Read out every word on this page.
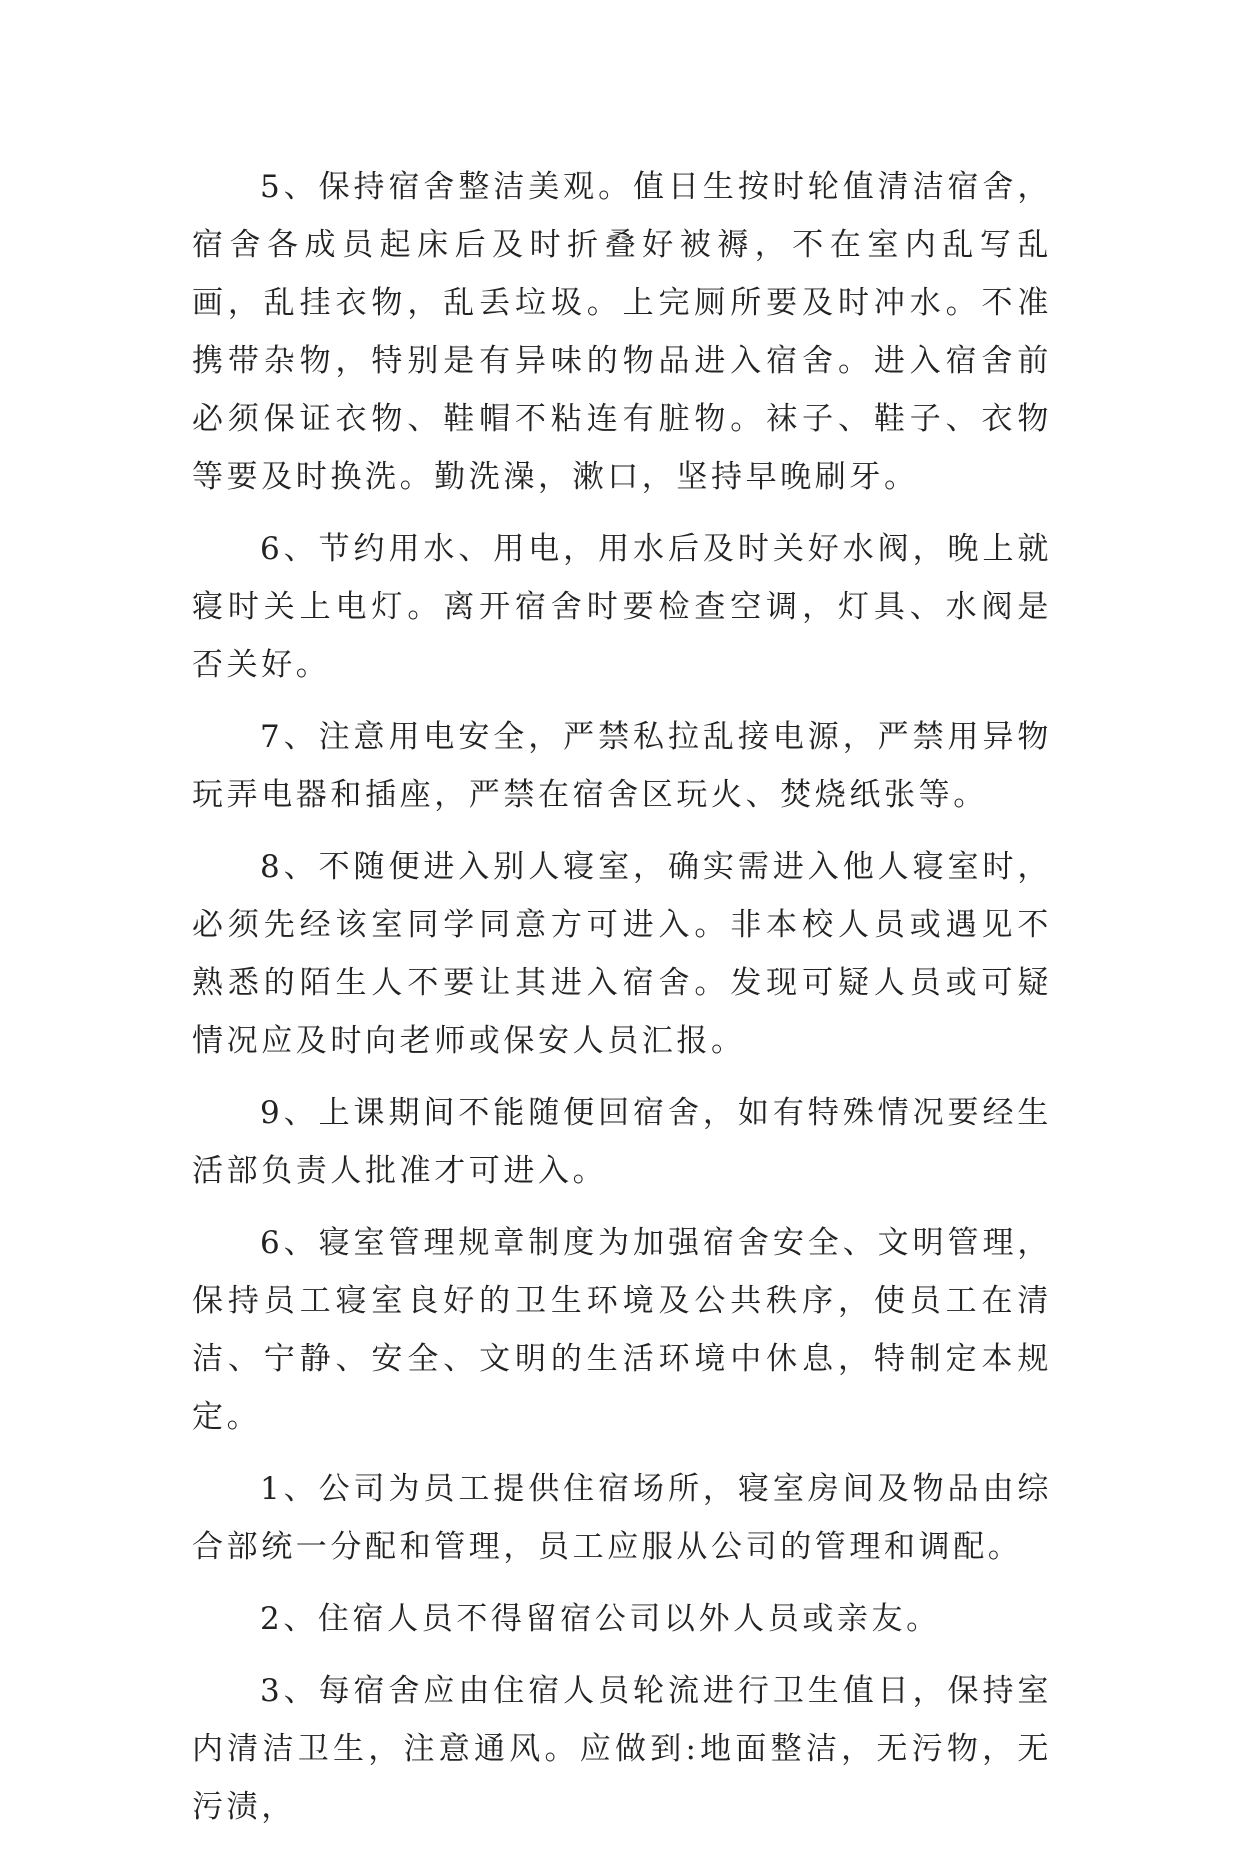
5、保持宿舍整洁美观。值日生按时轮值清洁宿舍，宿舍各成员起床后及时折叠好被褥，不在室内乱写乱画，乱挂衣物，乱丢垃圾。上完厕所要及时冲水。不准携带杂物，特别是有异味的物品进入宿舍。进入宿舍前必须保证衣物、鞋帽不粘连有脏物。袜子、鞋子、衣物等要及时换洗。勤洗澡，漱口，坚持早晚刷牙。

6、节约用水、用电，用水后及时关好水阀，晚上就寝时关上电灯。离开宿舍时要检查空调，灯具、水阀是否关好。

7、注意用电安全，严禁私拉乱接电源，严禁用异物玩弄电器和插座，严禁在宿舍区玩火、焚烧纸张等。

8、不随便进入别人寝室，确实需进入他人寝室时，必须先经该室同学同意方可进入。非本校人员或遇见不熟悉的陌生人不要让其进入宿舍。发现可疑人员或可疑情况应及时向老师或保安人员汇报。

9、上课期间不能随便回宿舍，如有特殊情况要经生活部负责人批准才可进入。

6、寝室管理规章制度为加强宿舍安全、文明管理，保持员工寝室良好的卫生环境及公共秩序，使员工在清洁、宁静、安全、文明的生活环境中休息，特制定本规定。

1、公司为员工提供住宿场所，寝室房间及物品由综合部统一分配和管理，员工应服从公司的管理和调配。

2、住宿人员不得留宿公司以外人员或亲友。

3、每宿舍应由住宿人员轮流进行卫生值日，保持室内清洁卫生，注意通风。应做到:地面整洁，无污物，无污渍，
